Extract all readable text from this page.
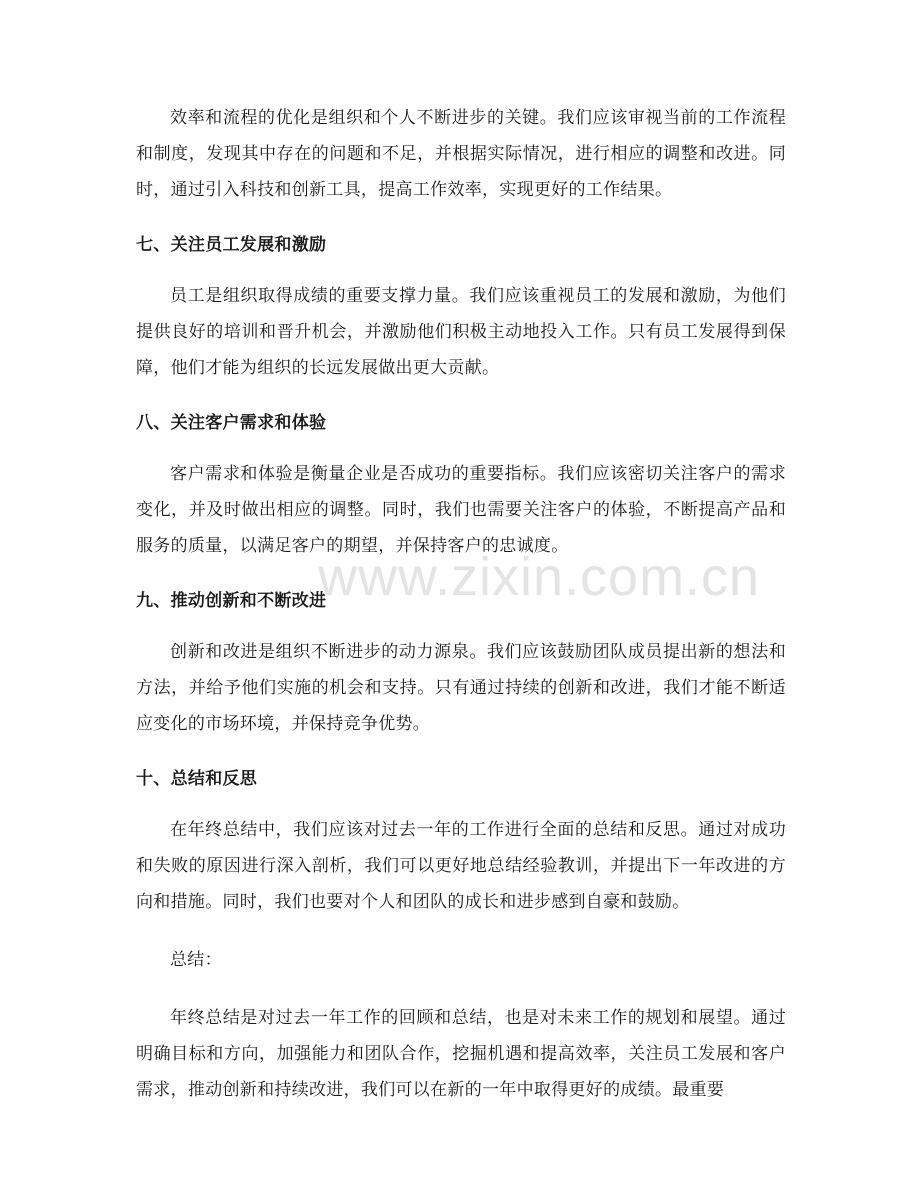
www.zixin.com.cn

效率和流程的优化是组织和个人不断进步的关键。我们应该审视当前的工作流程和制度，发现其中存在的问题和不足，并根据实际情况，进行相应的调整和改进。同时，通过引入科技和创新工具，提高工作效率，实现更好的工作结果。

七、关注员工发展和激励

员工是组织取得成绩的重要支撑力量。我们应该重视员工的发展和激励，为他们提供良好的培训和晋升机会，并激励他们积极主动地投入工作。只有员工发展得到保障，他们才能为组织的长远发展做出更大贡献。

八、关注客户需求和体验

客户需求和体验是衡量企业是否成功的重要指标。我们应该密切关注客户的需求变化，并及时做出相应的调整。同时，我们也需要关注客户的体验，不断提高产品和服务的质量，以满足客户的期望，并保持客户的忠诚度。

九、推动创新和不断改进

创新和改进是组织不断进步的动力源泉。我们应该鼓励团队成员提出新的想法和方法，并给予他们实施的机会和支持。只有通过持续的创新和改进，我们才能不断适应变化的市场环境，并保持竞争优势。

十、总结和反思

在年终总结中，我们应该对过去一年的工作进行全面的总结和反思。通过对成功和失败的原因进行深入剖析，我们可以更好地总结经验教训，并提出下一年改进的方向和措施。同时，我们也要对个人和团队的成长和进步感到自豪和鼓励。

总结：

年终总结是对过去一年工作的回顾和总结，也是对未来工作的规划和展望。通过明确目标和方向，加强能力和团队合作，挖掘机遇和提高效率，关注员工发展和客户需求，推动创新和持续改进，我们可以在新的一年中取得更好的成绩。最重要
